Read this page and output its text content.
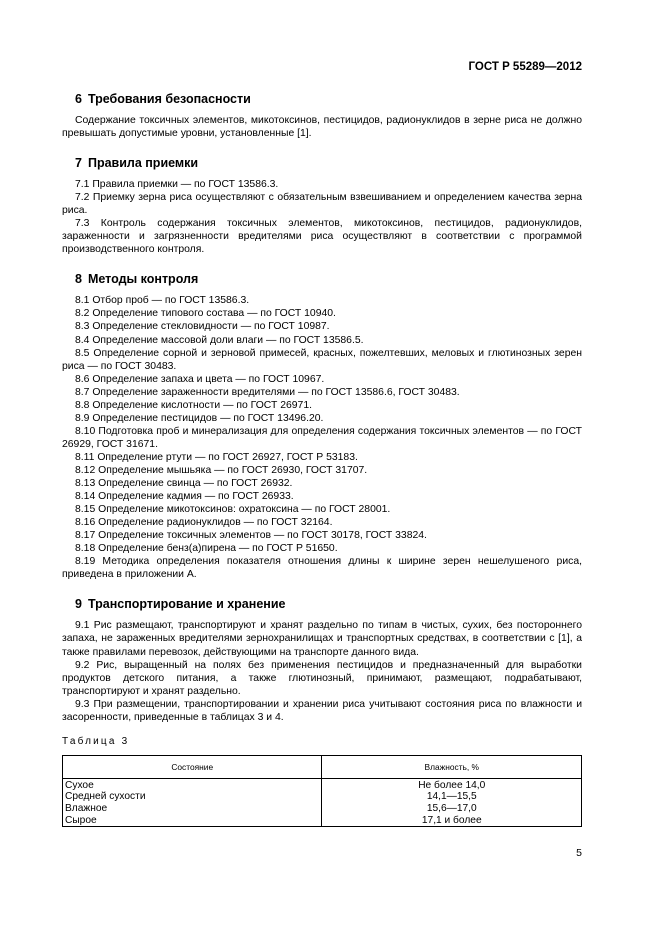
ГОСТ Р 55289—2012
6 Требования безопасности

Содержание токсичных элементов, микотоксинов, пестицидов, радионуклидов в зерне риса не должно превышать допустимые уровни, установленные [1].

7 Правила приемки

7.1 Правила приемки — по ГОСТ 13586.3.

7.2 Приемку зерна риса осуществляют с обязательным взвешиванием и определением качества зерна риса.

7.3 Контроль содержания токсичных элементов, микотоксинов, пестицидов, радионуклидов, зараженности и загрязненности вредителями риса осуществляют в соответствии с программой производственного контроля.

8 Методы контроля

8.1 Отбор проб — по ГОСТ 13586.3.

8.2 Определение типового состава — по ГОСТ 10940.

8.3 Определение стекловидности — по ГОСТ 10987.

8.4 Определение массовой доли влаги — по ГОСТ 13586.5.

8.5 Определение сорной и зерновой примесей, красных, пожелтевших, меловых и глютинозных зерен риса — по ГОСТ 30483.

8.6 Определение запаха и цвета — по ГОСТ 10967.

8.7 Определение зараженности вредителями — по ГОСТ 13586.6, ГОСТ 30483.

8.8 Определение кислотности — по ГОСТ 26971.

8.9 Определение пестицидов — по ГОСТ 13496.20.

8.10 Подготовка проб и минерализация для определения содержания токсичных элементов — по ГОСТ 26929, ГОСТ 31671.

8.11 Определение ртути — по ГОСТ 26927, ГОСТ Р 53183.

8.12 Определение мышьяка — по ГОСТ 26930, ГОСТ 31707.

8.13 Определение свинца — по ГОСТ 26932.

8.14 Определение кадмия — по ГОСТ 26933.

8.15 Определение микотоксинов: охратоксина — по ГОСТ 28001.

8.16 Определение радионуклидов — по ГОСТ 32164.

8.17 Определение токсичных элементов — по ГОСТ 30178, ГОСТ 33824.

8.18 Определение бенз(а)пирена — по ГОСТ Р 51650.

8.19 Методика определения показателя отношения длины к ширине зерен нешелушеного риса, приведена в приложении А.

9 Транспортирование и хранение

9.1 Рис размещают, транспортируют и хранят раздельно по типам в чистых, сухих, без постороннего запаха, не зараженных вредителями зернохранилищах и транспортных средствах, в соответствии с [1], а также правилами перевозок, действующими на транспорте данного вида.

9.2 Рис, выращенный на полях без применения пестицидов и предназначенный для выработки продуктов детского питания, а также глютинозный, принимают, размещают, подрабатывают, транспортируют и хранят раздельно.

9.3 При размещении, транспортировании и хранении риса учитывают состояния риса по влажности и засоренности, приведенные в таблицах 3 и 4.

Таблица 3
Состояние	Влажность, %
Сухое	Не более 14,0
Средней сухости	14,1—15,5
Влажное	15,6—17,0
Сырое	17,1 и более
5
